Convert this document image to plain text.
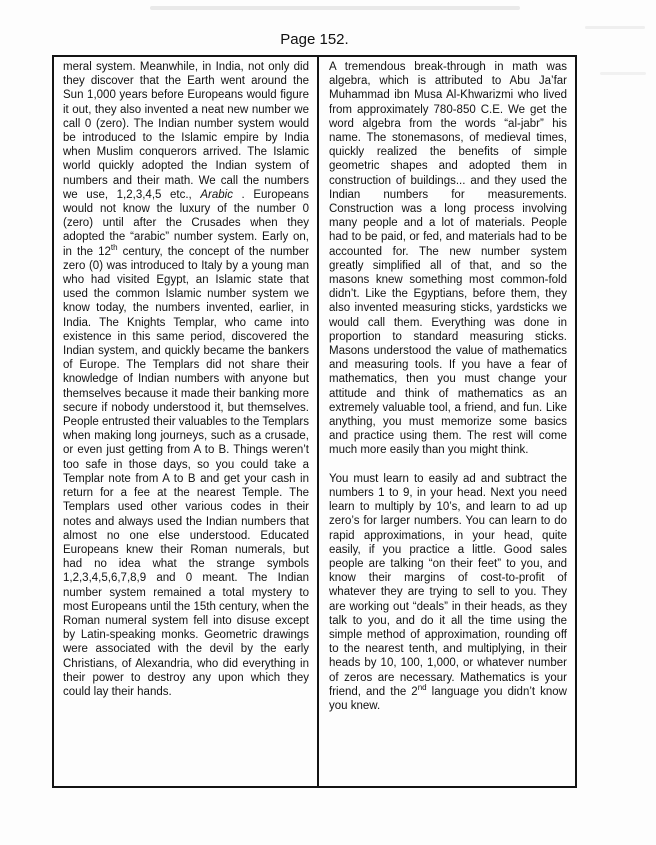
Page 152.

meral system. Meanwhile, in India, not only did they discover that the Earth went around the Sun 1,000 years before Europeans would figure it out, they also invented a neat new number we call 0 (zero). The Indian number system would be introduced to the Islamic empire by India when Muslim conquerors arrived. The Islamic world quickly adopted the Indian system of numbers and their math. We call the numbers we use, 1,2,3,4,5 etc., Arabic . Europeans would not know the luxury of the number 0 (zero) until after the Crusades when they adopted the “arabic” number system. Early on, in the 12th century, the concept of the number zero (0) was introduced to Italy by a young man who had visited Egypt, an Islamic state that used the common Islamic number system we know today, the numbers invented, earlier, in India. The Knights Templar, who came into existence in this same period, discovered the Indian system, and quickly became the bankers of Europe. The Templars did not share their knowledge of Indian numbers with anyone but themselves because it made their banking more secure if nobody understood it, but themselves. People entrusted their valuables to the Templars when making long journeys, such as a crusade, or even just getting from A to B. Things weren’t too safe in those days, so you could take a Templar note from A to B and get your cash in return for a fee at the nearest Temple. The Templars used other various codes in their notes and always used the Indian numbers that almost no one else understood. Educated Europeans knew their Roman numerals, but had no idea what the strange symbols 1,2,3,4,5,6,7,8,9 and 0 meant. The Indian number system remained a total mystery to most Europeans until the 15th century, when the Roman numeral system fell into disuse except by Latin-speaking monks. Geometric drawings were associated with the devil by the early Christians, of Alexandria, who did everything in their power to destroy any upon which they could lay their hands.

A tremendous break-through in math was algebra, which is attributed to Abu Ja’far Muhammad ibn Musa Al-Khwarizmi who lived from approximately 780-850 C.E. We get the word algebra from the words “al-jabr” his name. The stonemasons, of medieval times, quickly realized the benefits of simple geometric shapes and adopted them in construction of buildings... and they used the Indian numbers for measurements. Construction was a long process involving many people and a lot of materials. People had to be paid, or fed, and materials had to be accounted for. The new number system greatly simplified all of that, and so the masons knew something most common-fold didn’t. Like the Egyptians, before them, they also invented measuring sticks, yardsticks we would call them. Everything was done in proportion to standard measuring sticks. Masons understood the value of mathematics and measuring tools. If you have a fear of mathematics, then you must change your attitude and think of mathematics as an extremely valuable tool, a friend, and fun. Like anything, you must memorize some basics and practice using them. The rest will come much more easily than you might think.

You must learn to easily ad and subtract the numbers 1 to 9, in your head. Next you need learn to multiply by 10’s, and learn to ad up zero’s for larger numbers. You can learn to do rapid approximations, in your head, quite easily, if you practice a little. Good sales people are talking “on their feet” to you, and know their margins of cost-to-profit of whatever they are trying to sell to you. They are working out “deals” in their heads, as they talk to you, and do it all the time using the simple method of approximation, rounding off to the nearest tenth, and multiplying, in their heads by 10, 100, 1,000, or whatever number of zeros are necessary. Mathematics is your friend, and the 2nd language you didn’t know you knew.
